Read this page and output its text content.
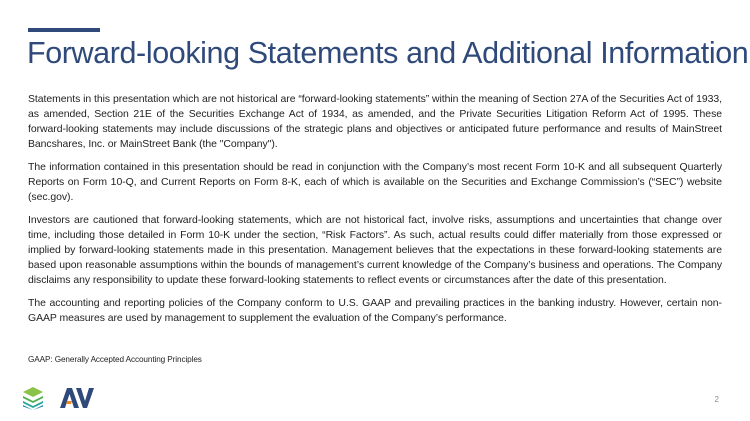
Forward-looking Statements and Additional Information

Statements in this presentation which are not historical are “forward-looking statements” within the meaning of Section 27A of the Securities Act of 1933, as amended, Section 21E of the Securities Exchange Act of 1934, as amended, and the Private Securities Litigation Reform Act of 1995. These forward-looking statements may include discussions of the strategic plans and objectives or anticipated future performance and results of MainStreet Bancshares, Inc. or MainStreet Bank (the "Company").

The information contained in this presentation should be read in conjunction with the Company’s most recent Form 10-K and all subsequent Quarterly Reports on Form 10-Q, and Current Reports on Form 8-K, each of which is available on the Securities and Exchange Commission’s (“SEC”) website (sec.gov).

Investors are cautioned that forward-looking statements, which are not historical fact, involve risks, assumptions and uncertainties that change over time, including those detailed in Form 10-K under the section, “Risk Factors”. As such, actual results could differ materially from those expressed or implied by forward-looking statements made in this presentation. Management believes that the expectations in these forward-looking statements are based upon reasonable assumptions within the bounds of management’s current knowledge of the Company’s business and operations. The Company disclaims any responsibility to update these forward-looking statements to reflect events or circumstances after the date of this presentation.

The accounting and reporting policies of the Company conform to U.S. GAAP and prevailing practices in the banking industry. However, certain non-GAAP measures are used by management to supplement the evaluation of the Company’s performance.

GAAP: Generally Accepted Accounting Principles
2
